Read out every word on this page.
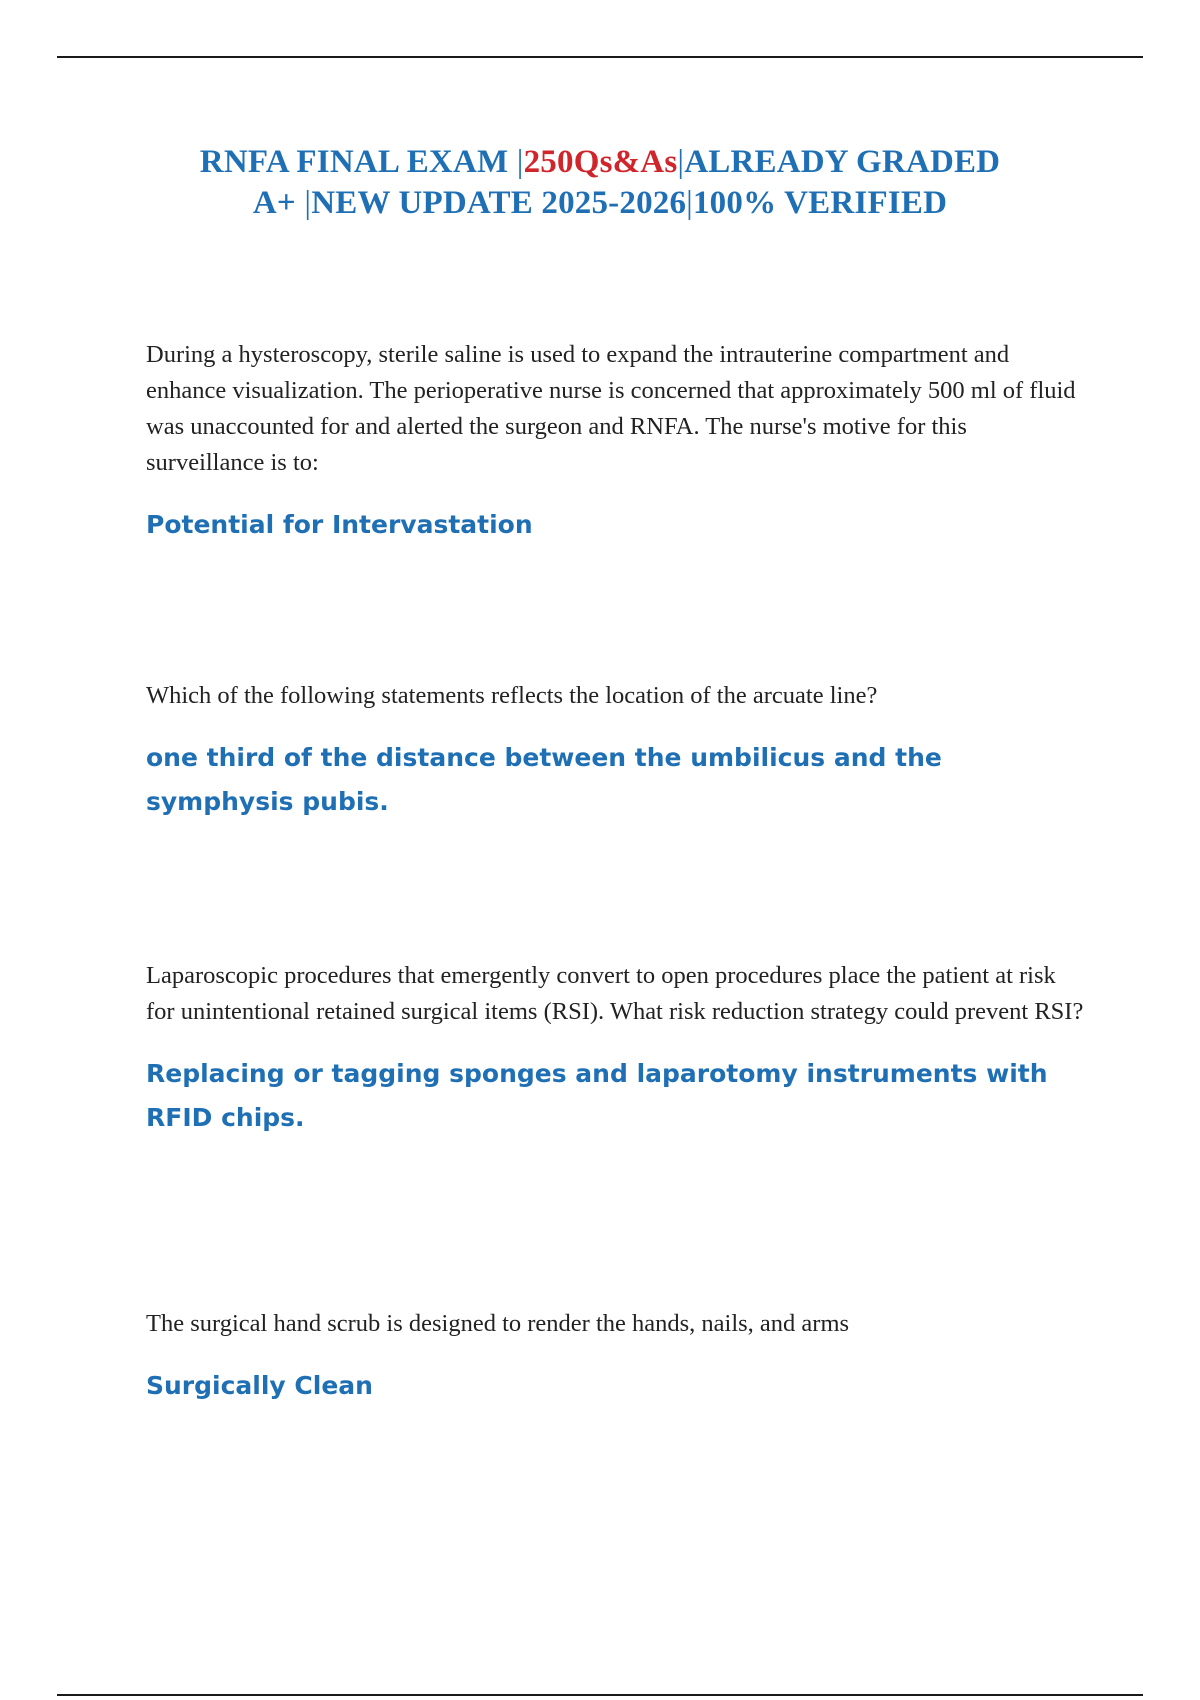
RNFA FINAL EXAM |250Qs&As|ALREADY GRADED
A+ |NEW UPDATE 2025-2026|100% VERIFIED

During a hysteroscopy, sterile saline is used to expand the intrauterine compartment and enhance visualization. The perioperative nurse is concerned that approximately 500 ml of fluid was unaccounted for and alerted the surgeon and RNFA. The nurse's motive for this surveillance is to:

Potential for Intervastation

Which of the following statements reflects the location of the arcuate line?

one third of the distance between the umbilicus and the symphysis pubis.

Laparoscopic procedures that emergently convert to open procedures place the patient at risk for unintentional retained surgical items (RSI). What risk reduction strategy could prevent RSI?

Replacing or tagging sponges and laparotomy instruments with RFID chips.

The surgical hand scrub is designed to render the hands, nails, and arms

Surgically Clean
